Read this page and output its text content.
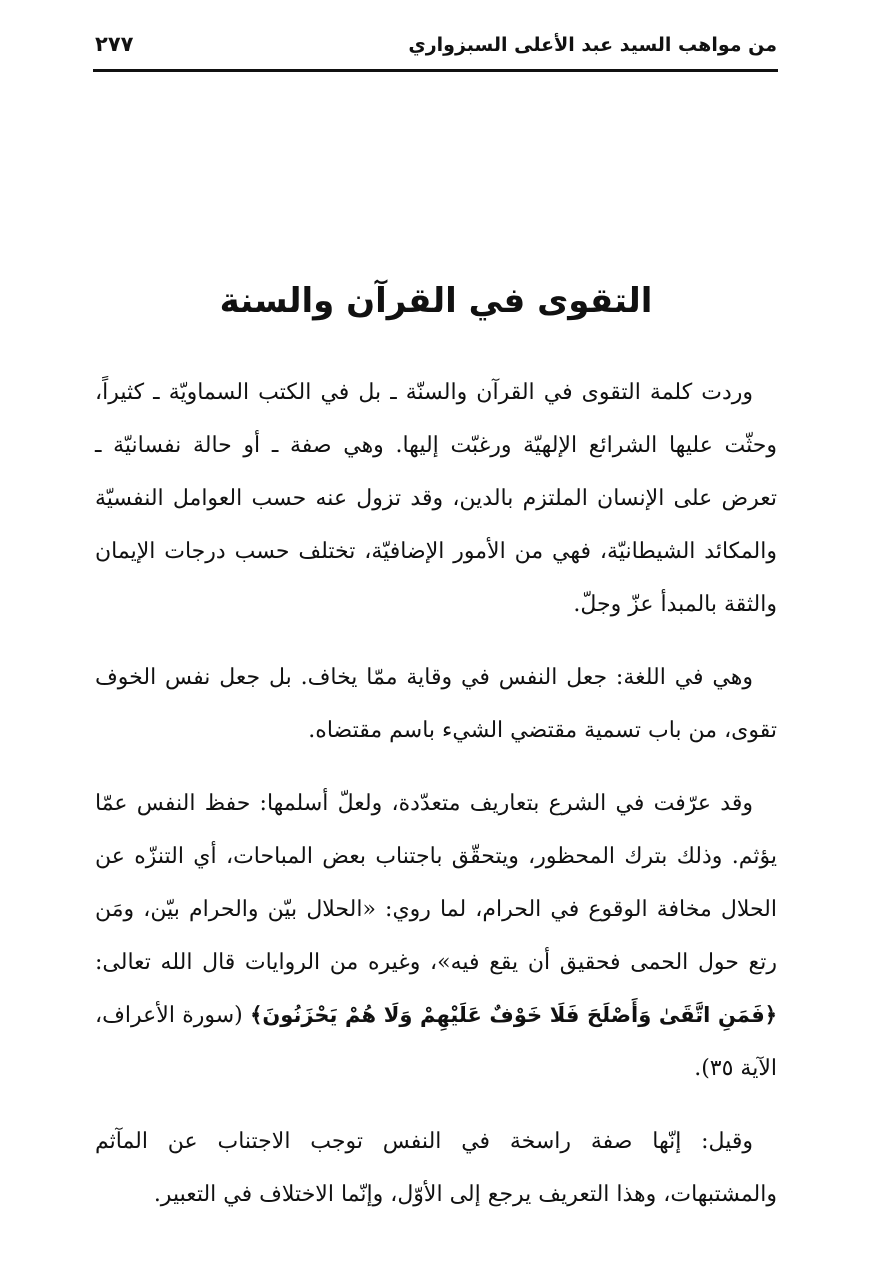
من مواهب السيد عبد الأعلى السبزواري
٢٧٧
التقوى في القرآن والسنة

وردت كلمة التقوى في القرآن والسنّة ـ بل في الكتب السماويّة ـ كثيراً، وحثّت عليها الشرائع الإلهيّة ورغبّت إليها. وهي صفة ـ أو حالة نفسانيّة ـ تعرض على الإنسان الملتزم بالدين، وقد تزول عنه حسب العوامل النفسيّة والمكائد الشيطانيّة، فهي من الأمور الإضافيّة، تختلف حسب درجات الإيمان والثقة بالمبدأ عزّ وجلّ.

وهي في اللغة: جعل النفس في وقاية ممّا يخاف. بل جعل نفس الخوف تقوى، من باب تسمية مقتضي الشيء باسم مقتضاه.

وقد عرّفت في الشرع بتعاريف متعدّدة، ولعلّ أسلمها: حفظ النفس عمّا يؤثم. وذلك بترك المحظور، ويتحقّق باجتناب بعض المباحات، أي التنزّه عن الحلال مخافة الوقوع في الحرام، لما روي: «الحلال بيّن والحرام بيّن، ومَن رتع حول الحمى فحقيق أن يقع فيه»، وغيره من الروايات قال الله تعالى: ﴿فَمَنِ اتَّقَىٰ وَأَصْلَحَ فَلَا خَوْفٌ عَلَيْهِمْ وَلَا هُمْ يَحْزَنُونَ﴾ (سورة الأعراف، الآية ٣٥).

وقيل: إنّها صفة راسخة في النفس توجب الاجتناب عن المآثم والمشتبهات، وهذا التعريف يرجع إلى الأوّل، وإنّما الاختلاف في التعبير.
